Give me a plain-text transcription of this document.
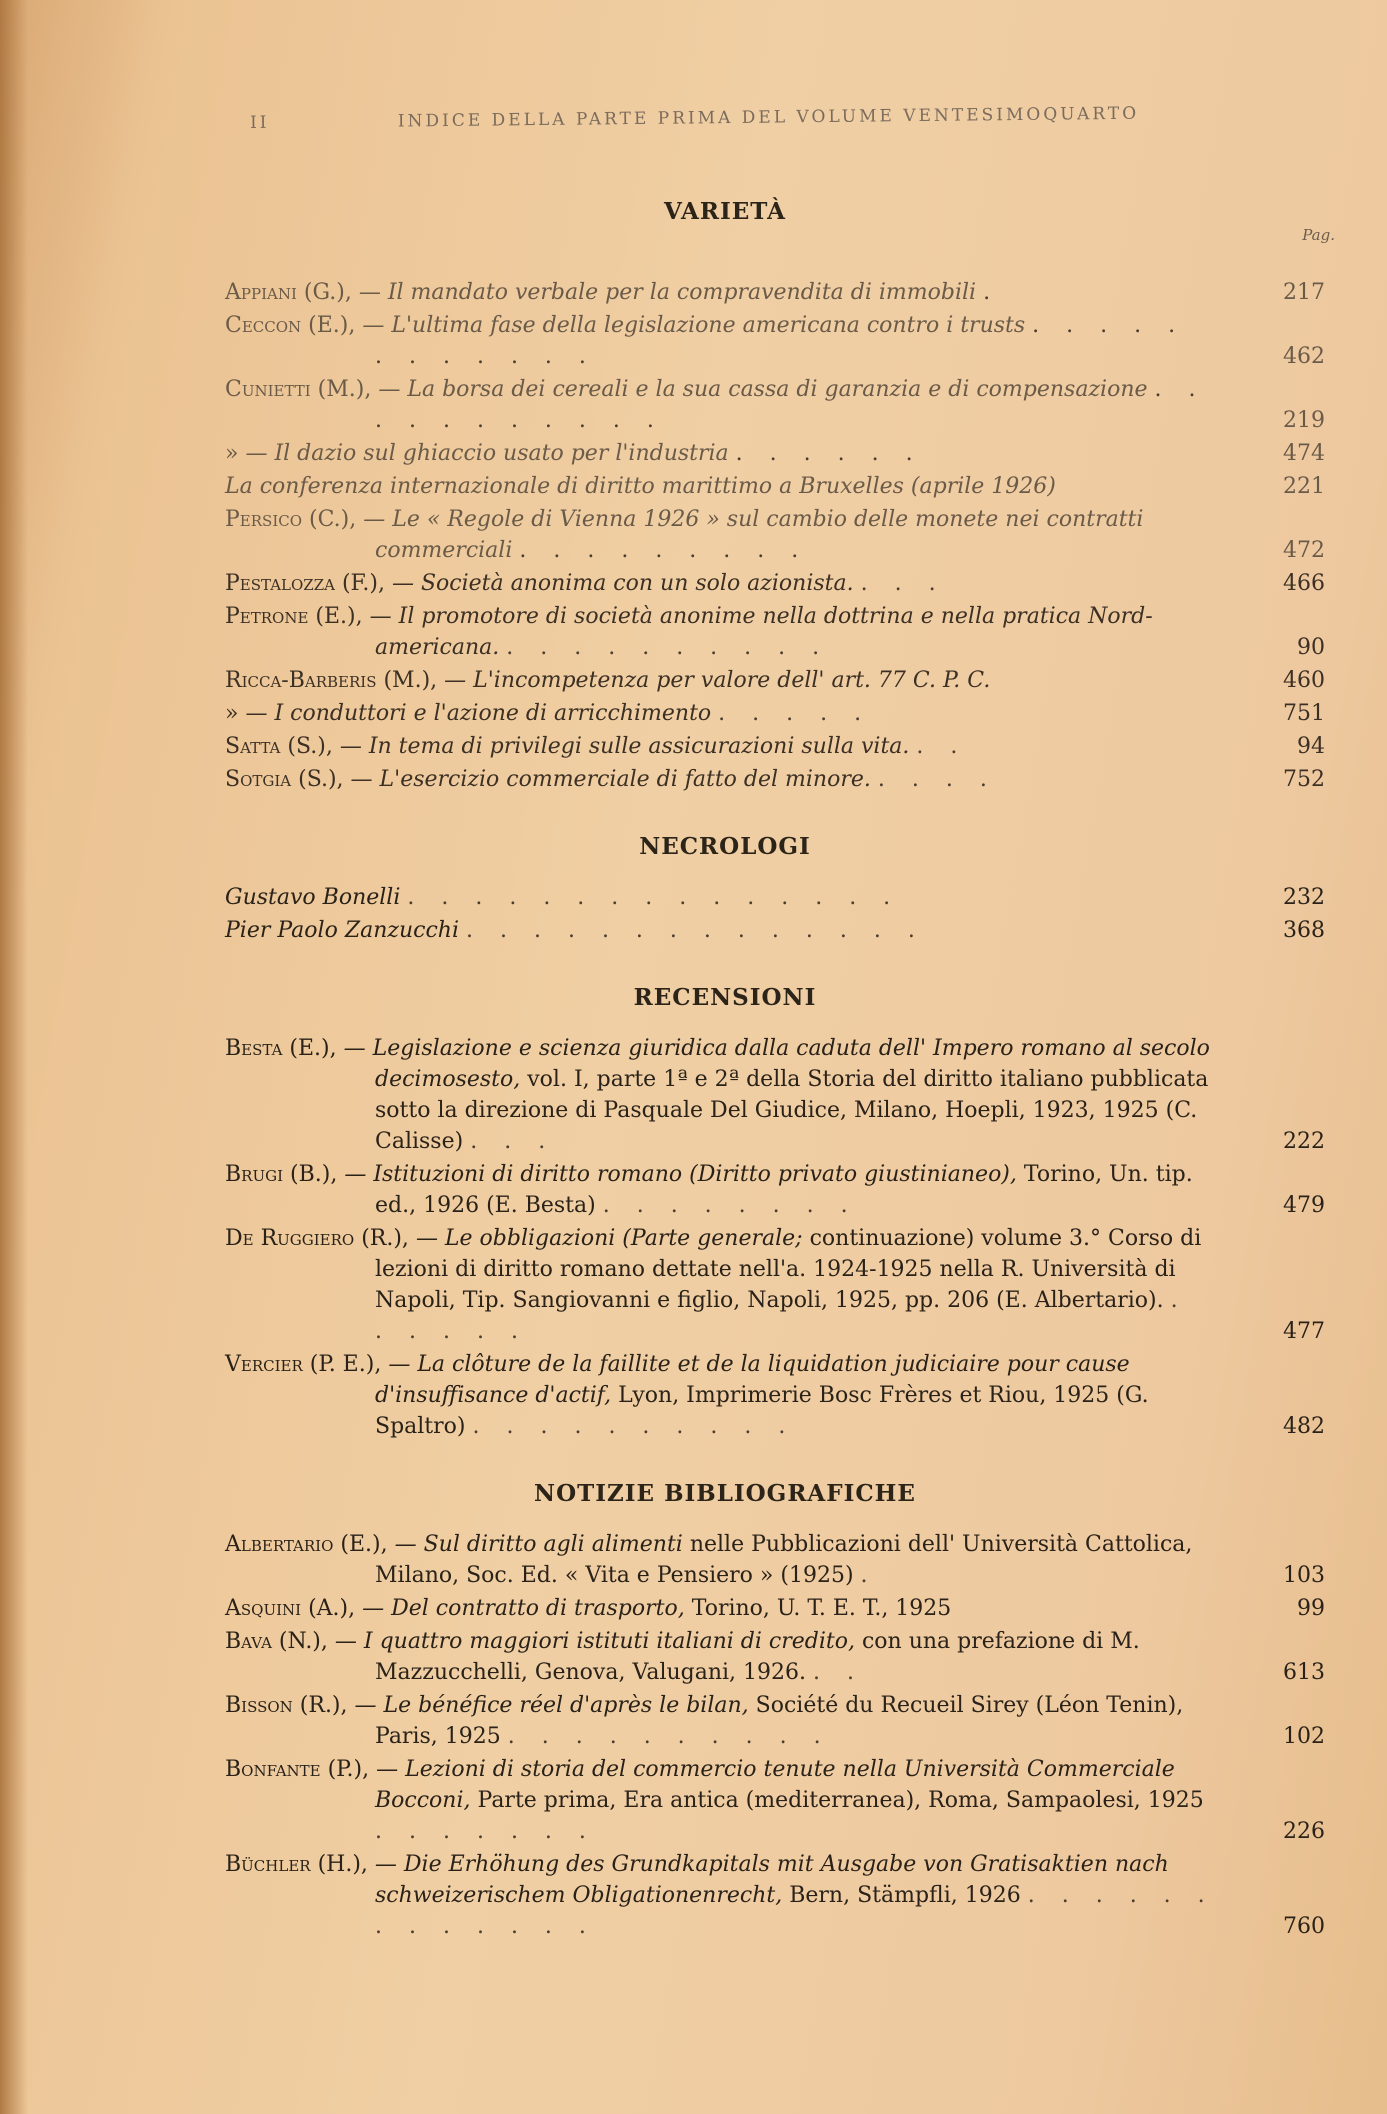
II	INDICE DELLA PARTE PRIMA DEL VOLUME VENTESIMOQUARTO
Pag.
VARIETÀ
Appiani (G.), — Il mandato verbale per la compravendita di immobili .	217
Ceccon (E.), — L'ultima fase della legislazione americana contro i trusts . . . . . . . . . . . .	462
Cunietti (M.), — La borsa dei cereali e la sua cassa di garanzia e di compensazione . . . . . . . . . . .	219
» — Il dazio sul ghiaccio usato per l'industria . . . . . .	474
La conferenza internazionale di diritto marittimo a Bruxelles (aprile 1926)	221
Persico (C.), — Le « Regole di Vienna 1926 » sul cambio delle monete nei contratti commerciali . . . . . . . . .	472
Pestalozza (F.), — Società anonima con un solo azionista. . . .	466
Petrone (E.), — Il promotore di società anonime nella dottrina e nella pratica Nord-americana. . . . . . . . . . .	90
Ricca-Barberis (M.), — L'incompetenza per valore dell' art. 77 C. P. C.	460
» — I conduttori e l'azione di arricchimento . . . . .	751
Satta (S.), — In tema di privilegi sulle assicurazioni sulla vita. . .	94
Sotgia (S.), — L'esercizio commerciale di fatto del minore. . . . .	752
NECROLOGI
Gustavo Bonelli . . . . . . . . . . . . . . .	232
Pier Paolo Zanzucchi . . . . . . . . . . . . . .	368
RECENSIONI
Besta (E.), — Legislazione e scienza giuridica dalla caduta dell' Impero romano al secolo decimosesto, vol. I, parte 1ª e 2ª della Storia del diritto italiano pubblicata sotto la direzione di Pasquale Del Giudice, Milano, Hoepli, 1923, 1925 (C. Calisse) . . .	222
Brugi (B.), — Istituzioni di diritto romano (Diritto privato giustinianeo), Torino, Un. tip. ed., 1926 (E. Besta) . . . . . . . .	479
De Ruggiero (R.), — Le obbligazioni (Parte generale; continuazione) volume 3.° Corso di lezioni di diritto romano dettate nell'a. 1924-1925 nella R. Università di Napoli, Tip. Sangiovanni e figlio, Napoli, 1925, pp. 206 (E. Albertario). . . . . . .	477
Vercier (P. E.), — La clôture de la faillite et de la liquidation judiciaire pour cause d'insuffisance d'actif, Lyon, Imprimerie Bosc Frères et Riou, 1925 (G. Spaltro) . . . . . . . . . .	482
NOTIZIE BIBLIOGRAFICHE
Albertario (E.), — Sul diritto agli alimenti nelle Pubblicazioni dell' Università Cattolica, Milano, Soc. Ed. « Vita e Pensiero » (1925) .	103
Asquini (A.), — Del contratto di trasporto, Torino, U. T. E. T., 1925	99
Bava (N.), — I quattro maggiori istituti italiani di credito, con una prefazione di M. Mazzucchelli, Genova, Valugani, 1926. . .	613
Bisson (R.), — Le bénéfice réel d'après le bilan, Société du Recueil Sirey (Léon Tenin), Paris, 1925 . . . . . . . . . .	102
Bonfante (P.), — Lezioni di storia del commercio tenute nella Università Commerciale Bocconi, Parte prima, Era antica (mediterranea), Roma, Sampaolesi, 1925 . . . . . . .	226
Büchler (H.), — Die Erhöhung des Grundkapitals mit Ausgabe von Gratisaktien nach schweizerischem Obligationenrecht, Bern, Stämpfli, 1926 . . . . . . . . . . . . .	760
